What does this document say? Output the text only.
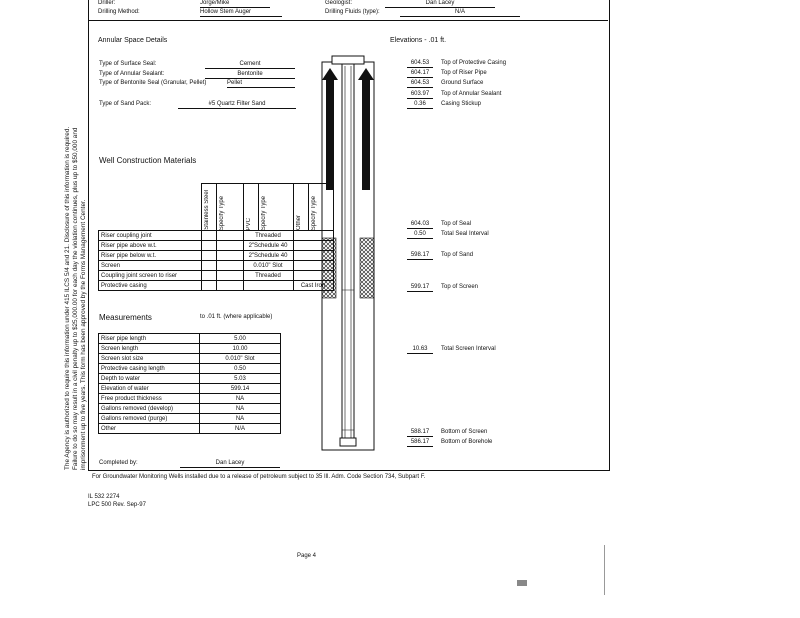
Driller:	Jorge/Mike	Geologist:	Dan Lacey
Drilling Method:	Hollow Stem Auger	Drilling Fluids (type):	N/A
Annular Space Details
Type of Surface Seal:	Cement
Type of Annular Sealant:	Bentonite
Type of Bentonite Seal (Granular, Pellet)	Pellet
Type of Sand Pack:	#5 Quartz Filter Sand
Elevations - .01 ft.
604.53	Top of Protective Casing
604.17	Top of Riser Pipe
604.53	Ground Surface
603.97	Top of Annular Sealant
0.36	Casing Stickup
604.03	Top of Seal
0.50	Total Seal Interval
598.17	Top of Sand
599.17	Top of Screen
10.63	Total Screen Interval
588.17	Bottom of Screen
586.17	Bottom of Borehole
Well Construction Materials

	Stainless Steel	Specify Type	PVC	Specify Type	Other	Specify Type

Riser coupling joint			Threaded			
Riser pipe above w.t.			2"Schedule 40			
Riser pipe below w.t.			2"Schedule 40			
Screen			0.010" Slot			
Coupling joint screen to riser			Threaded			
Protective casing					Cast Iron	
Measurements	to .01 ft. (where applicable)
Riser pipe length	5.00
Screen length	10.00
Screen slot size	0.010" Slot
Protective casing length	0.50
Depth to water	5.03
Elevation of water	599.14
Free product thickness	NA
Gallons removed (develop)	NA
Gallons removed (purge)	NA
Other	N/A
Completed by:	Dan Lacey
For Groundwater Monitoring Wells installed due to a release of petroleum subject to 35 Ill. Adm. Code Section 734, Subpart F.
IL 532 2274
LPC 500 Rev. Sep-97
Page 4
The Agency is authorized to require this information under 415 ILCS 5/4 and 21. Disclosure of this information is required. Failure to do so may result in a civil penalty up to $25,000.00 for each day the violation continues, plus up to $50,000 and imprisonment up to five years. This form has been approved by the Forms Management Center.
